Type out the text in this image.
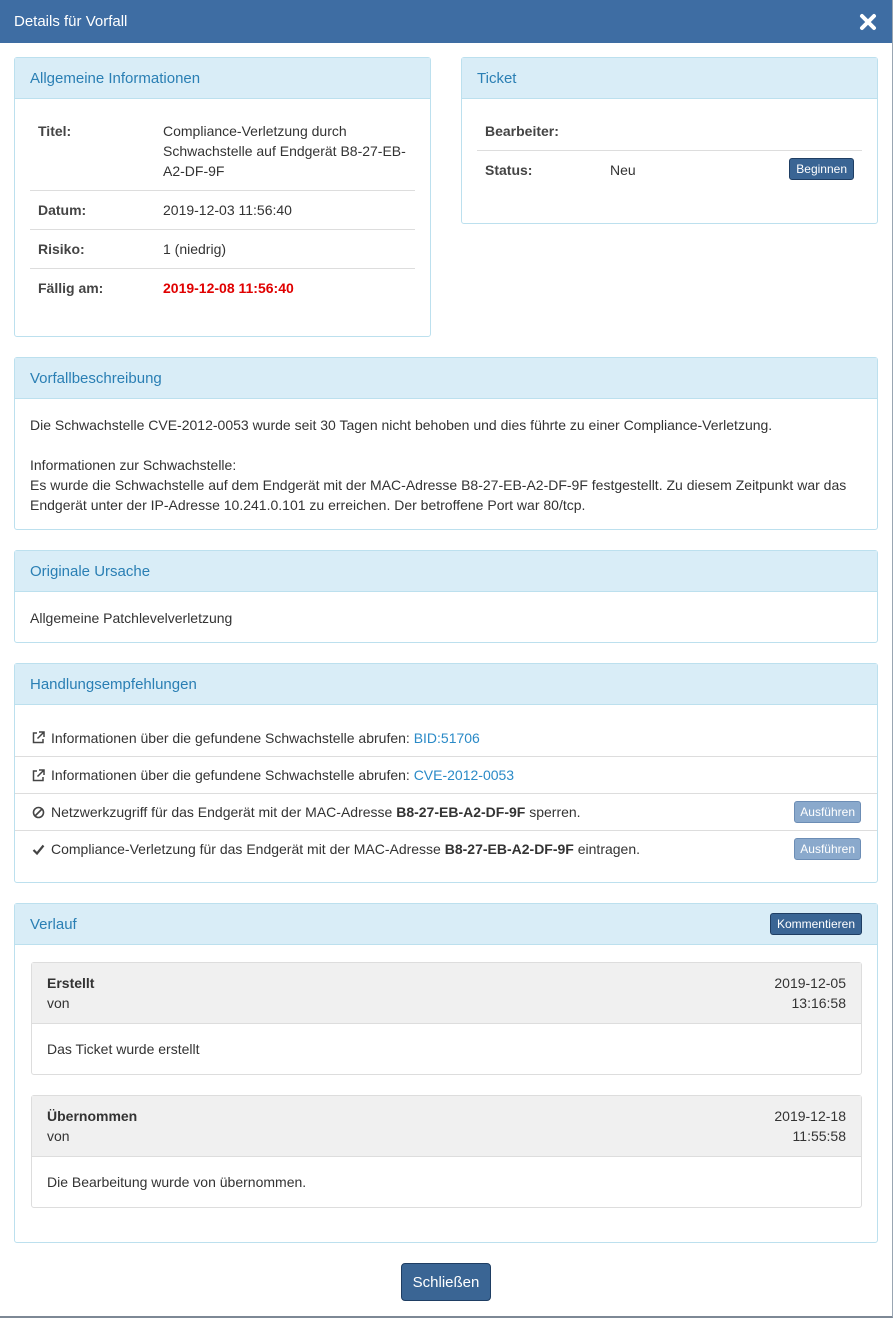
Details für Vorfall
Allgemeine Informationen
Titel:	Compliance-Verletzung durch Schwachstelle auf Endgerät B8-27-EB-A2-DF-9F
Datum:	2019-12-03 11:56:40
Risiko:	1 (niedrig)
Fällig am:	2019-12-08 11:56:40
Ticket
Bearbeiter:		
Status:	Neu	Beginnen
Vorfallbeschreibung
Die Schwachstelle CVE-2012-0053 wurde seit 30 Tagen nicht behoben und dies führte zu einer Compliance-Verletzung.
Informationen zur Schwachstelle:
Es wurde die Schwachstelle auf dem Endgerät mit der MAC-Adresse B8-27-EB-A2-DF-9F festgestellt. Zu diesem Zeitpunkt war das Endgerät unter der IP-Adresse 10.241.0.101 zu erreichen. Der betroffene Port war 80/tcp.
Originale Ursache
Allgemeine Patchlevelverletzung
Handlungsempfehlungen
Informationen über die gefundene Schwachstelle abrufen: BID:51706
Informationen über die gefundene Schwachstelle abrufen: CVE-2012-0053
Netzwerkzugriff für das Endgerät mit der MAC-Adresse B8-27-EB-A2-DF-9F sperren.	Ausführen
Compliance-Verletzung für das Endgerät mit der MAC-Adresse B8-27-EB-A2-DF-9F eintragen.	Ausführen
Verlauf	Kommentieren
Erstellt
von
2019-12-05
13:16:58
Das Ticket wurde erstellt
Übernommen
von
2019-12-18
11:55:58
Die Bearbeitung wurde von übernommen.
Schließen
